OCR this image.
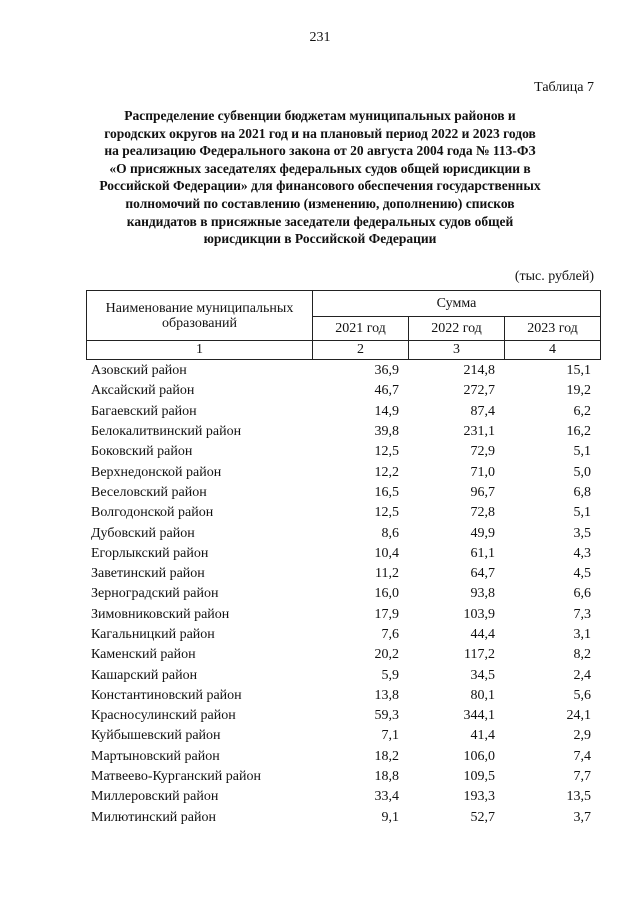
231
Таблица 7
Распределение субвенции бюджетам муниципальных районов и
городских округов на 2021 год и на плановый период 2022 и 2023 годов
на реализацию Федерального закона от 20 августа 2004 года № 113-ФЗ
«О присяжных заседателях федеральных судов общей юрисдикции в
Российской Федерации» для финансового обеспечения государственных
полномочий по составлению (изменению, дополнению) списков
кандидатов в присяжные заседатели федеральных судов общей
юрисдикции в Российской Федерации
(тыс. рублей)
Наименование муниципальных образований	Сумма		
	2021 год	2022 год	2023 год
1	2	3	4
Азовский район	36,9	214,8	15,1
Аксайский район	46,7	272,7	19,2
Багаевский район	14,9	87,4	6,2
Белокалитвинский район	39,8	231,1	16,2
Боковский район	12,5	72,9	5,1
Верхнедонской район	12,2	71,0	5,0
Веселовский район	16,5	96,7	6,8
Волгодонской район	12,5	72,8	5,1
Дубовский район	8,6	49,9	3,5
Егорлыкский район	10,4	61,1	4,3
Заветинский район	11,2	64,7	4,5
Зерноградский район	16,0	93,8	6,6
Зимовниковский район	17,9	103,9	7,3
Кагальницкий район	7,6	44,4	3,1
Каменский район	20,2	117,2	8,2
Кашарский район	5,9	34,5	2,4
Константиновский район	13,8	80,1	5,6
Красносулинский район	59,3	344,1	24,1
Куйбышевский район	7,1	41,4	2,9
Мартыновский район	18,2	106,0	7,4
Матвеево-Курганский район	18,8	109,5	7,7
Миллеровский район	33,4	193,3	13,5
Милютинский район	9,1	52,7	3,7
